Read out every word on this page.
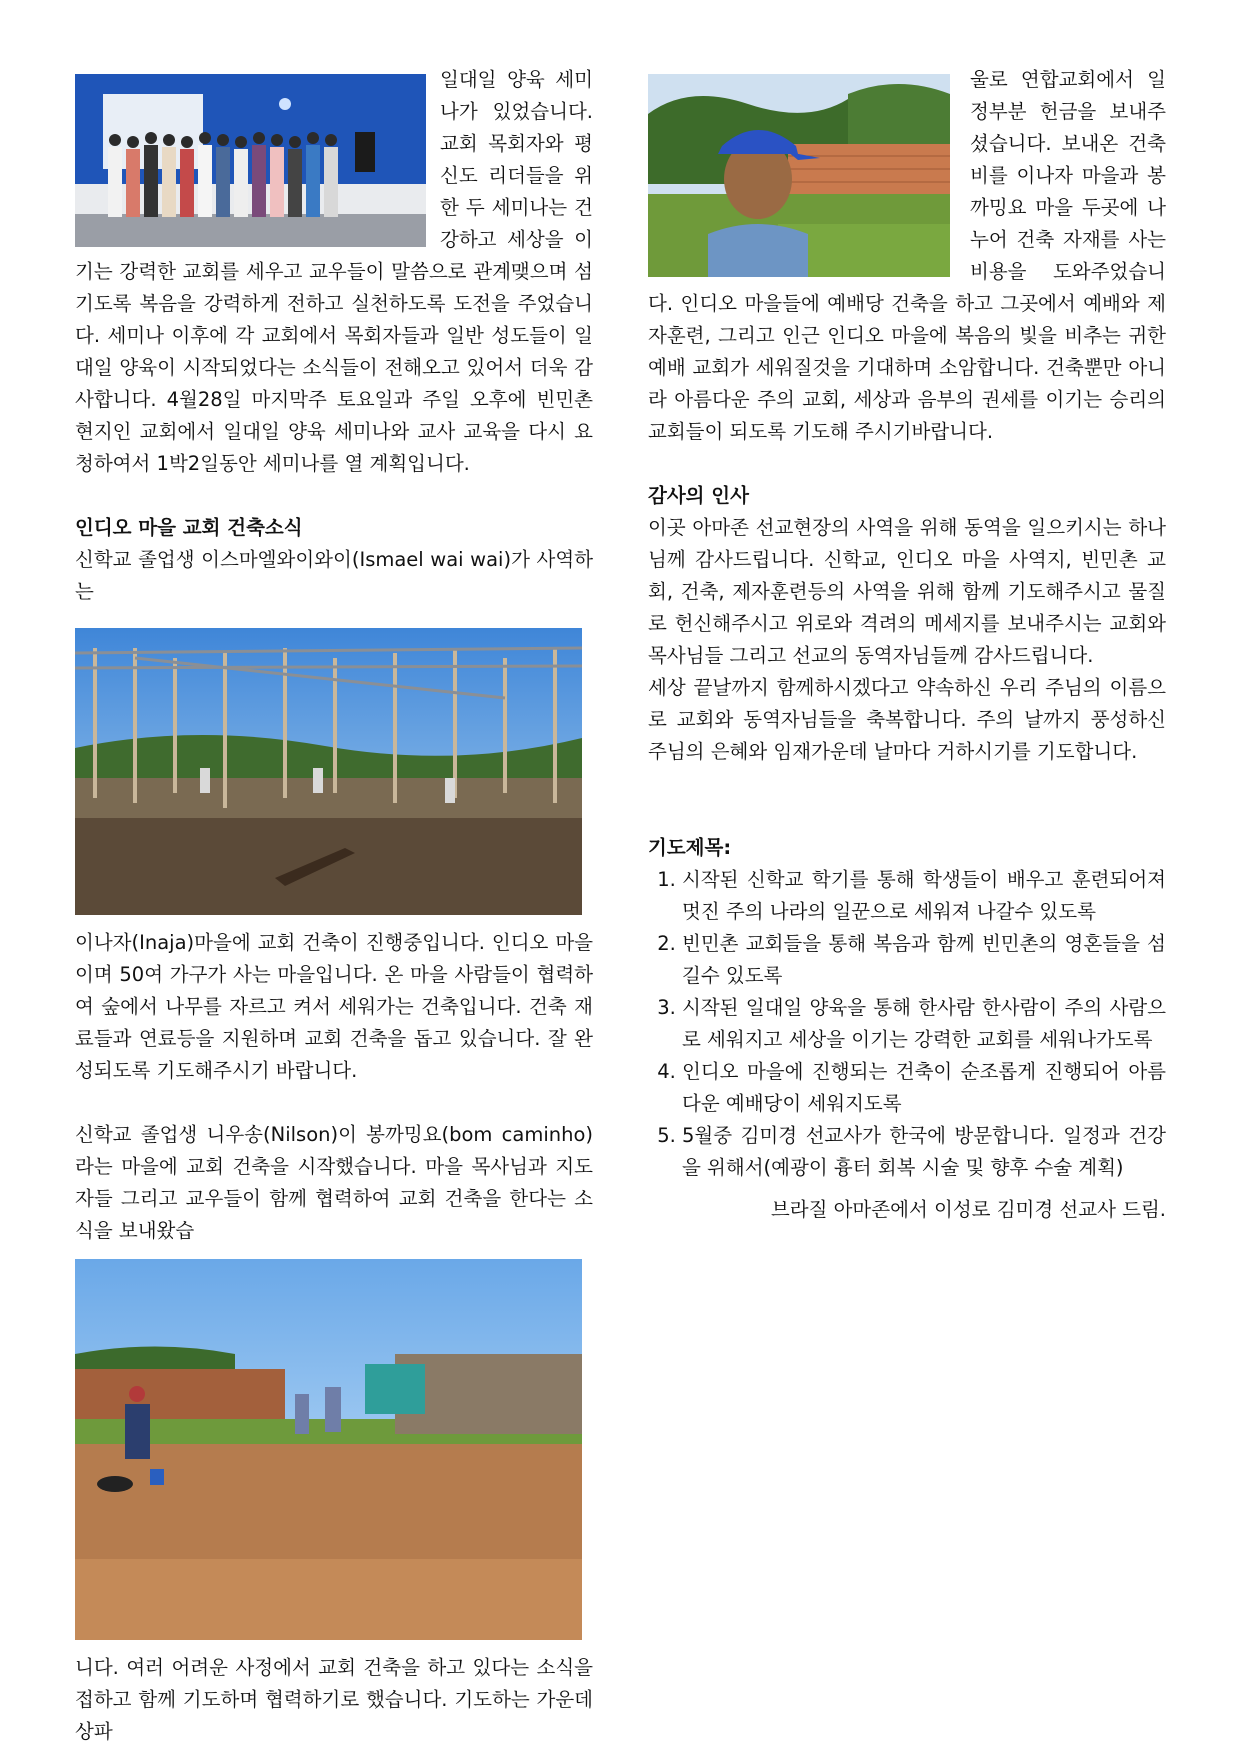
일대일 양육 세미나가 있었습니다. 교회 목회자와 평신도 리더들을 위한 두 세미나는 건강하고 세상을 이기는 강력한 교회를 세우고 교우들이 말씀으로 관계맺으며 섬기도록 복음을 강력하게 전하고 실천하도록 도전을 주었습니다. 세미나 이후에 각 교회에서 목회자들과 일반 성도들이 일대일 양육이 시작되었다는 소식들이 전해오고 있어서 더욱 감사합니다. 4월28일 마지막주 토요일과 주일 오후에 빈민촌 현지인 교회에서 일대일 양육 세미나와 교사 교육을 다시 요청하여서 1박2일동안 세미나를 열 계획입니다.

인디오 마을 교회 건축소식

신학교 졸업생 이스마엘와이와이(Ismael wai wai)가 사역하는

이나자(Inaja)마을에 교회 건축이 진행중입니다. 인디오 마을이며 50여 가구가 사는 마을입니다. 온 마을 사람들이 협력하여 숲에서 나무를 자르고 켜서 세워가는 건축입니다. 건축 재료들과 연료등을 지원하며 교회 건축을 돕고 있습니다. 잘 완성되도록 기도해주시기 바랍니다.

신학교 졸업생 니우송(Nilson)이 봉까밍요(bom caminho)라는 마을에 교회 건축을 시작했습니다. 마을 목사님과 지도자들 그리고 교우들이 함께 협력하여 교회 건축을 한다는 소식을 보내왔습

니다. 여러 어려운 사정에서 교회 건축을 하고 있다는 소식을 접하고 함께 기도하며 협력하기로 했습니다. 기도하는 가운데 상파

울로 연합교회에서 일정부분 헌금을 보내주셨습니다. 보내온 건축 비를 이나자 마을과 봉까밍요 마을 두곳에 나누어 건축 자재를 사는 비용을 도와주었습니다. 인디오 마을들에 예배당 건축을 하고 그곳에서 예배와 제자훈련, 그리고 인근 인디오 마을에 복음의 빛을 비추는 귀한 예배 교회가 세워질것을 기대하며 소암합니다. 건축뿐만 아니라 아름다운 주의 교회, 세상과 음부의 권세를 이기는 승리의 교회들이 되도록 기도해 주시기바랍니다.

감사의 인사

이곳 아마존 선교현장의 사역을 위해 동역을 일으키시는 하나님께 감사드립니다. 신학교, 인디오 마을 사역지, 빈민촌 교회, 건축, 제자훈련등의 사역을 위해 함께 기도해주시고 물질로 헌신해주시고 위로와 격려의 메세지를 보내주시는 교회와 목사님들 그리고 선교의 동역자님들께 감사드립니다.

세상 끝날까지 함께하시겠다고 약속하신 우리 주님의 이름으로 교회와 동역자님들을 축복합니다. 주의 날까지 풍성하신 주님의 은혜와 임재가운데 날마다 거하시기를 기도합니다.

기도제목:

1. 시작된 신학교 학기를 통해 학생들이 배우고 훈련되어져 멋진 주의 나라의 일꾼으로 세워져 나갈수 있도록
2. 빈민촌 교회들을 통해 복음과 함께 빈민촌의 영혼들을 섬길수 있도록
3. 시작된 일대일 양육을 통해 한사람 한사람이 주의 사람으로 세워지고 세상을 이기는 강력한 교회를 세워나가도록
4. 인디오 마을에 진행되는 건축이 순조롭게 진행되어 아름다운 예배당이 세워지도록
5. 5월중 김미경 선교사가 한국에 방문합니다. 일정과 건강을 위해서(예광이 흉터 회복 시술 및 향후 수술 계획)

브라질 아마존에서 이성로 김미경 선교사 드림.
